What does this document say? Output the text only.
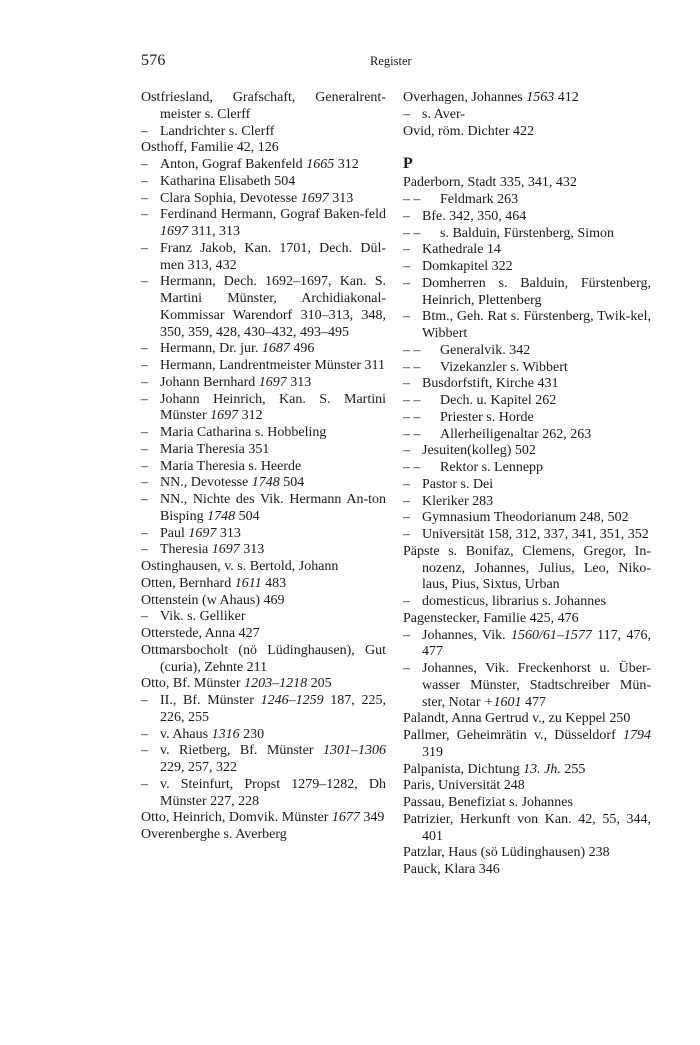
576	Register

Ostfriesland, Grafschaft, Generalrent-meister s. Clerff

– Landrichter s. Clerff

Osthoff, Familie 42, 126

– Anton, Gograf Bakenfeld 1665 312

– Katharina Elisabeth 504

– Clara Sophia, Devotesse 1697 313

– Ferdinand Hermann, Gograf Baken-feld 1697 311, 313

– Franz Jakob, Kan. 1701, Dech. Dül-men 313, 432

– Hermann, Dech. 1692–1697, Kan. S. Martini Münster, Archidiakonal-Kommissar Warendorf 310–313, 348, 350, 359, 428, 430–432, 493–495

– Hermann, Dr. jur. 1687 496

– Hermann, Landrentmeister Münster 311

– Johann Bernhard 1697 313

– Johann Heinrich, Kan. S. Martini Münster 1697 312

– Maria Catharina s. Hobbeling

– Maria Theresia 351

– Maria Theresia s. Heerde

– NN., Devotesse 1748 504

– NN., Nichte des Vik. Hermann An-ton Bisping 1748 504

– Paul 1697 313

– Theresia 1697 313

Ostinghausen, v. s. Bertold, Johann

Otten, Bernhard 1611 483

Ottenstein (w Ahaus) 469

– Vik. s. Gelliker

Otterstede, Anna 427

Ottmarsbocholt (nö Lüdinghausen), Gut (curia), Zehnte 211

Otto, Bf. Münster 1203–1218 205

– II., Bf. Münster 1246–1259 187, 225, 226, 255

– v. Ahaus 1316 230

– v. Rietberg, Bf. Münster 1301–1306 229, 257, 322

– v. Steinfurt, Propst 1279–1282, Dh Münster 227, 228

Otto, Heinrich, Domvik. Münster 1677 349

Overenberghe s. Averberg

Overhagen, Johannes 1563 412

– s. Aver-

Ovid, röm. Dichter 422

P

Paderborn, Stadt 335, 341, 432

– – Feldmark 263

– Bfe. 342, 350, 464

– – s. Balduin, Fürstenberg, Simon

– Kathedrale 14

– Domkapitel 322

– Domherren s. Balduin, Fürstenberg, Heinrich, Plettenberg

– Btm., Geh. Rat s. Fürstenberg, Twik-kel, Wibbert

– – Generalvik. 342

– – Vizekanzler s. Wibbert

– Busdorfstift, Kirche 431

– – Dech. u. Kapitel 262

– – Priester s. Horde

– – Allerheiligenaltar 262, 263

– Jesuiten(kolleg) 502

– – Rektor s. Lennepp

– Pastor s. Dei

– Kleriker 283

– Gymnasium Theodorianum 248, 502

– Universität 158, 312, 337, 341, 351, 352

Päpste s. Bonifaz, Clemens, Gregor, In-nozenz, Johannes, Julius, Leo, Niko-laus, Pius, Sixtus, Urban

– domesticus, librarius s. Johannes

Pagenstecker, Familie 425, 476

– Johannes, Vik. 1560/61–1577 117, 476, 477

– Johannes, Vik. Freckenhorst u. Über-wasser Münster, Stadtschreiber Mün-ster, Notar +1601 477

Palandt, Anna Gertrud v., zu Keppel 250

Pallmer, Geheimrätin v., Düsseldorf 1794 319

Palpanista, Dichtung 13. Jh. 255

Paris, Universität 248

Passau, Benefiziat s. Johannes

Patrizier, Herkunft von Kan. 42, 55, 344, 401

Patzlar, Haus (sö Lüdinghausen) 238

Pauck, Klara 346
